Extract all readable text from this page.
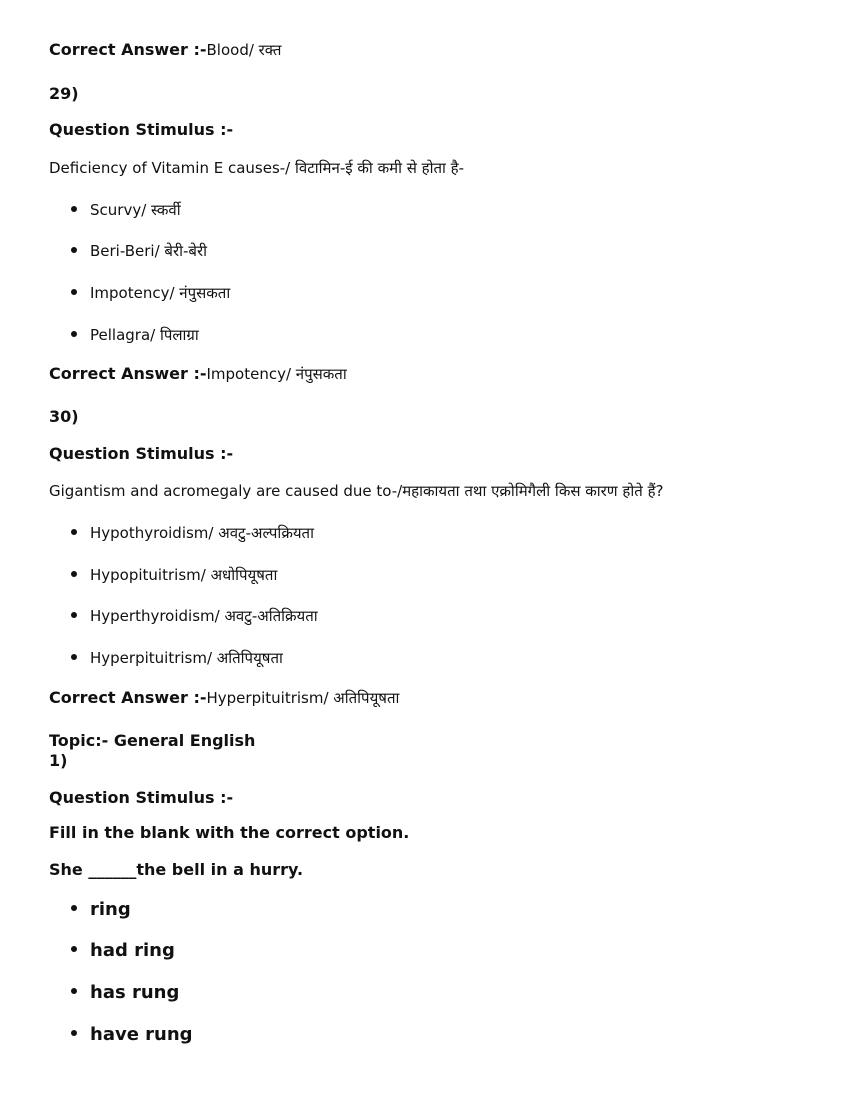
Correct Answer :-Blood/ रक्त
29)
Question Stimulus :-
Deficiency of Vitamin E causes-/ विटामिन-ई की कमी से होता है-
Scurvy/ स्कर्वी
Beri-Beri/ बेरी-बेरी
Impotency/ नंपुसकता
Pellagra/ पिलाग्रा
Correct Answer :-Impotency/ नंपुसकता
30)
Question Stimulus :-
Gigantism and acromegaly are caused due to-/महाकायता तथा एक्रोमिगैली किस कारण होते हैं?
Hypothyroidism/ अवटु-अल्पक्रियता
Hypopituitrism/ अधोपियूषता
Hyperthyroidism/ अवटु-अतिक्रियता
Hyperpituitrism/ अतिपियूषता
Correct Answer :-Hyperpituitrism/ अतिपियूषता
Topic:- General English
1)
Question Stimulus :-
Fill in the blank with the correct option.
She ______the bell in a hurry.
ring
had ring
has rung
have rung
